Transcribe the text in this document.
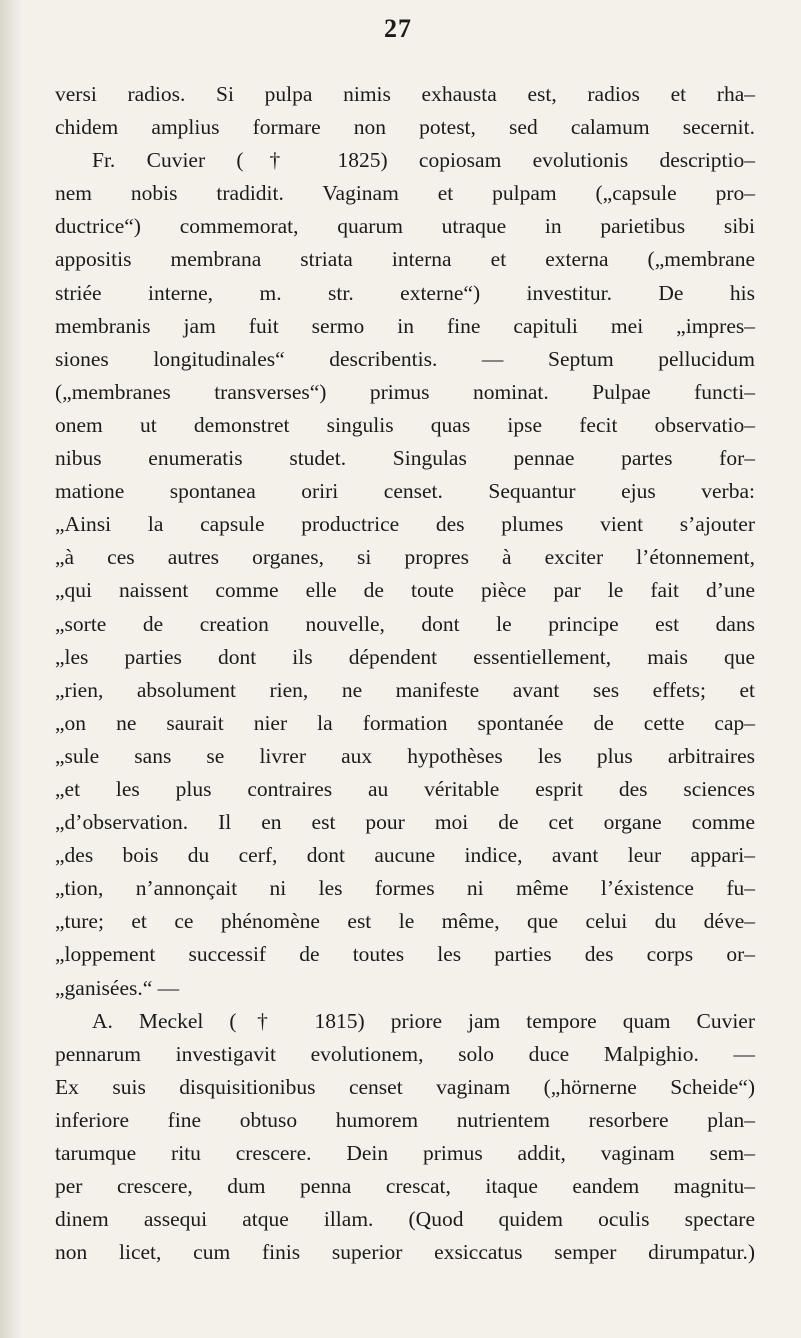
27
versi radios. Si pulpa nimis exhausta est, radios et rha–
chidem amplius formare non potest, sed calamum secernit.
Fr. Cuvier († 1825) copiosam evolutionis descriptio–
nem nobis tradidit. Vaginam et pulpam („capsule pro–
ductrice“) commemorat, quarum utraque in parietibus sibi
appositis membrana striata interna et externa („membrane
striée interne, m. str. externe“) investitur. De his
membranis jam fuit sermo in fine capituli mei „impres–
siones longitudinales“ describentis. — Septum pellucidum
(„membranes transverses“) primus nominat. Pulpae functi–
onem ut demonstret singulis quas ipse fecit observatio–
nibus enumeratis studet. Singulas pennae partes for–
matione spontanea oriri censet. Sequantur ejus verba:
„Ainsi la capsule productrice des plumes vient s’ajouter
„à ces autres organes, si propres à exciter l’étonnement,
„qui naissent comme elle de toute pièce par le fait d’une
„sorte de creation nouvelle, dont le principe est dans
„les parties dont ils dépendent essentiellement, mais que
„rien, absolument rien, ne manifeste avant ses effets; et
„on ne saurait nier la formation spontanée de cette cap–
„sule sans se livrer aux hypothèses les plus arbitraires
„et les plus contraires au véritable esprit des sciences
„d’observation. Il en est pour moi de cet organe comme
„des bois du cerf, dont aucune indice, avant leur appari–
„tion, n’annonçait ni les formes ni même l’éxistence fu–
„ture; et ce phénomène est le même, que celui du déve–
„loppement successif de toutes les parties des corps or–
„ganisées.“ —
A. Meckel († 1815) priore jam tempore quam Cuvier
pennarum investigavit evolutionem, solo duce Malpighio. —
Ex suis disquisitionibus censet vaginam („hörnerne Scheide“)
inferiore fine obtuso humorem nutrientem resorbere plan–
tarumque ritu crescere. Dein primus addit, vaginam sem–
per crescere, dum penna crescat, itaque eandem magnitu–
dinem assequi atque illam. (Quod quidem oculis spectare
non licet, cum finis superior exsiccatus semper dirumpatur.)
